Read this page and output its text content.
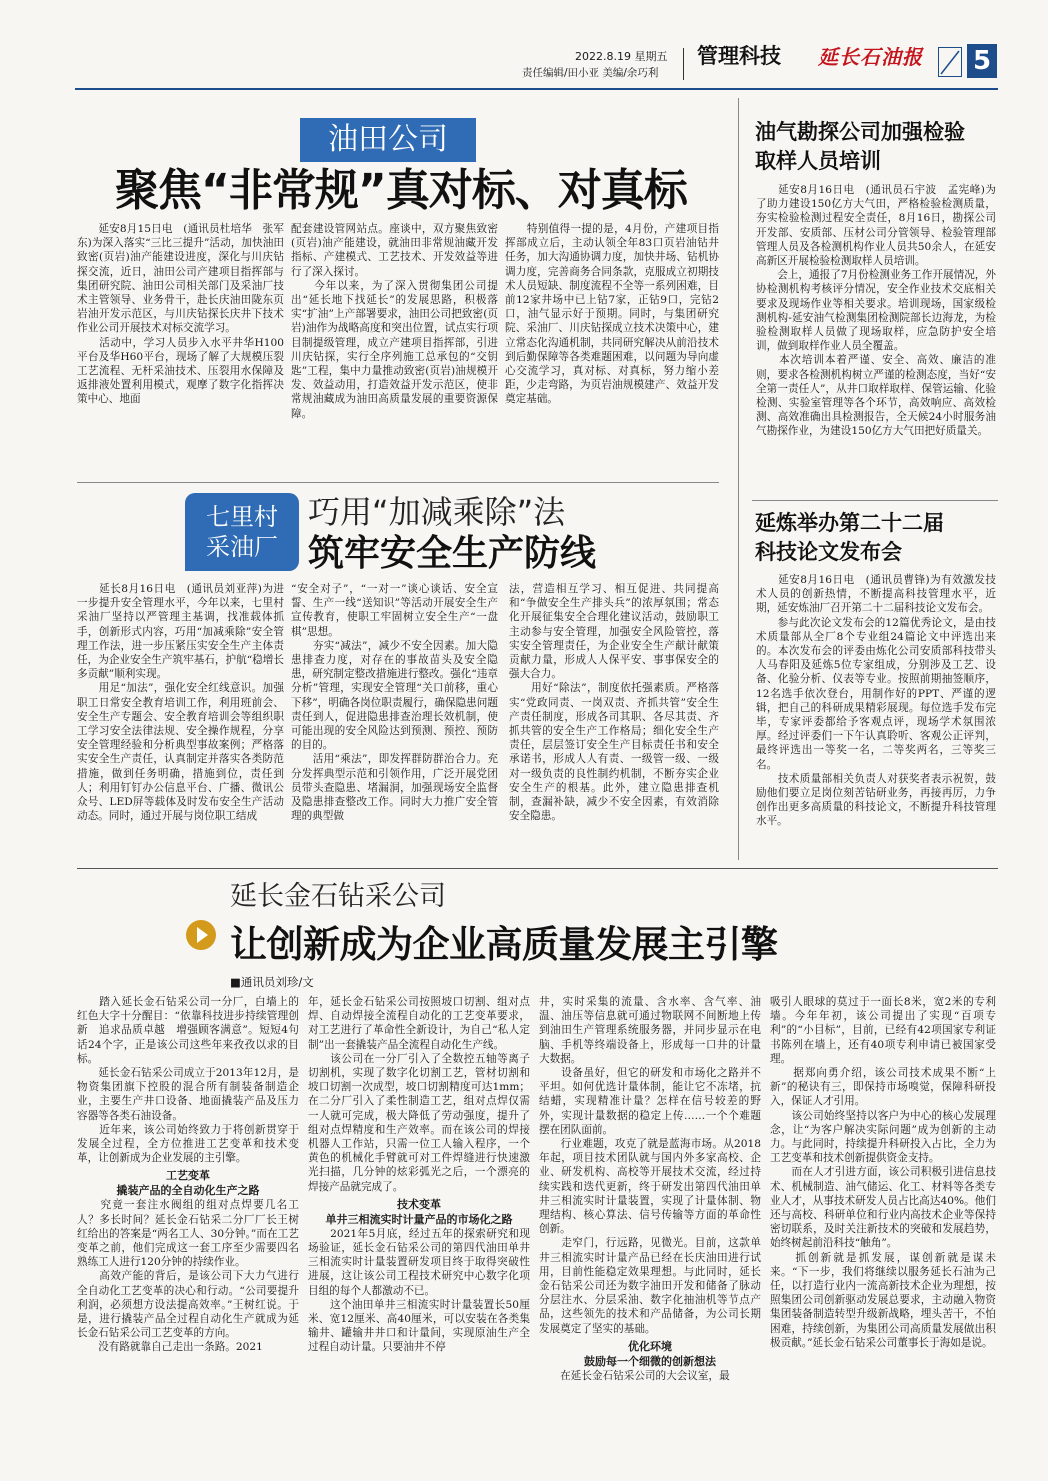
2022.8.19 星期五
责任编辑/田小亚 美编/余巧利
管理科技 延长石油报 5
油田公司
聚焦“非常规”真对标、对真标
　　延安8月15日电　(通讯员杜培华　张军东)为深入落实“三比三提升”活动，加快油田致密(页岩)油产能建设进度，深化与川庆钻探交流，近日，油田公司产建项目指挥部与集团研究院、油田公司相关部门及采油厂技术主管领导、业务骨干，赴长庆油田陇东页岩油开发示范区，与川庆钻探长庆井下技术作业公司开展技术对标交流学习。
　　活动中，学习人员步入水平井华H100平台及华H60平台，现场了解了大规模压裂工艺流程、无杆采油技术、压裂用水保障及返排液处置利用模式，观摩了数字化指挥决策中心、地面
配套建设管网站点。座谈中，双方聚焦致密(页岩)油产能建设，就油田非常规油藏开发指标、产建模式、工艺技术、开发效益等进行了深入探讨。
　　今年以来，为了深入贯彻集团公司提出“延长地下找延长”的发展思路，积极落实“扩油”上产部署要求，油田公司把致密(页岩)油作为战略高度和突出位置，试点实行项目制提级管理，成立产建项目指挥部，引进川庆钻探，实行全序列施工总承包的“交钥匙”工程，集中力量推动致密(页岩)油规模开发、效益动用，打造效益开发示范区，使非常规油藏成为油田高质量发展的重要资源保障。
　　特别值得一提的是，4月份，产建项目指挥部成立后，主动认领全年83口页岩油钻井任务，加大沟通协调力度，加快井场、钻机协调力度，完善商务合同条款，克服成立初期技术人员短缺、制度流程不全等一系列困难，目前12家井场中已上钻7家，正钻9口，完钻2口，油气显示好于预期。同时，与集团研究院、采油厂、川庆钻探成立技术决策中心，建立常态化沟通机制，共同研究解决从前沿技术到后勤保障等各类难题困难，以问题为导向虚心交流学习，真对标、对真标，努力缩小差距，少走弯路，为页岩油规模建产、效益开发奠定基础。
七里村
采油厂
巧用“加减乘除”法
筑牢安全生产防线
　　延长8月16日电　(通讯员刘亚萍)为进一步提升安全管理水平，今年以来，七里村采油厂坚持以严管理主基调，找准载体抓手，创新形式内容，巧用“加减乘除”安全管理工作法，进一步压紧压实安全生产主体责任，为企业安全生产筑牢基石，护航“稳增长多贡献”顺利实现。
　　用足“加法”，强化安全红线意识。加强职工日常安全教育培训工作，利用班前会、安全生产专题会、安全教育培训会等组织职工学习安全法律法规、安全操作规程，分享安全管理经验和分析典型事故案例；严格落实安全生产责任，认真制定并落实各类防范措施，做到任务明确，措施到位，责任到人；利用钉钉办公信息平台、广播、微讯公众号、LED屏等载体及时发布安全生产活动动态。同时，通过开展与岗位职工结成
“安全对子”，“一对一”谈心谈话、安全宣誓、生产一线“送知识”等活动开展安全生产宣传教育，使职工牢固树立安全生产“一盘棋”思想。
　　夯实“减法”，减少不安全因素。加大隐患排查力度，对存在的事故苗头及安全隐患，研究制定整改措施进行整改。强化“违章分析”管理，实现安全管理“关口前移，重心下移”，明确各岗位职责履行，确保隐患问题责任到人，促进隐患排查治理长效机制，使可能出现的安全风险达到预测、预控、预防的目的。
　　活用“乘法”，即发挥群防群治合力。充分发挥典型示范和引领作用，广泛开展党团员带头查隐患、堵漏洞，加强现场安全监督及隐患排查整改工作。同时大力推广安全管理的典型做
法，营造相互学习、相互促进、共同提高和“争做安全生产排头兵”的浓厚氛围；常态化开展征集安全合理化建议活动，鼓励职工主动参与安全管理，加强安全风险管控，落实安全管理责任，为企业安全生产献计献策贡献力量，形成人人保平安、事事保安全的强大合力。
　　用好“除法”，制度依托强素质。严格落实“党政同责、一岗双责、齐抓共管”安全生产责任制度，形成各司其职、各尽其责、齐抓共管的安全生产工作格局；细化安全生产责任，层层签订安全生产目标责任书和安全承诺书，形成人人有责、一级管一级、一级对一级负责的良性制约机制，不断夯实企业安全生产的根基。此外，建立隐患排查机制，查漏补缺，减少不安全因素，有效消除安全隐患。
油气勘探公司加强检验
取样人员培训
　　延安8月16日电　(通讯员石宇波　孟宪峰)为了助力建设150亿方大气田，严格检验检测质量，夯实检验检测过程安全责任，8月16日，勘探公司开发部、安质部、压材公司分管领导、检验管理部管理人员及各检测机构作业人员共50余人，在延安高新区开展检验检测取样人员培训。
　　会上，通报了7月份检测业务工作开展情况，外协检测机构考核评分情况，安全作业技术交底相关要求及现场作业等相关要求。培训现场，国家级检测机构-延安油气检测集团检测院部长边海龙，为检验检测取样人员做了现场取样，应急防护安全培训，做到取样作业人员全覆盖。
　　本次培训本着严谨、安全、高效、廉洁的准则，要求各检测机构树立严谨的检测态度，当好“安全第一责任人”，从井口取样取样、保管运输、化验检测、实验室管理等各个环节，高效响应、高效检测、高效准确出具检测报告，全天候24小时服务油气勘探作业，为建设150亿方大气田把好质量关。
延炼举办第二十二届
科技论文发布会
　　延安8月16日电　(通讯员曹锋)为有效激发技术人员的创新热情，不断提高科技管理水平，近期，延安炼油厂召开第二十二届科技论文发布会。
　　参与此次论文发布会的12篇优秀论文，是由技术质量部从全厂8个专业组24篇论文中评选出来的。本次发布会的评委由炼化公司安质部科技带头人马春阳及延炼5位专家组成，分别涉及工艺、设备、化验分析、仪表等专业。按照前期抽签顺序，12名选手依次登台，用制作好的PPT、严谨的逻辑，把自己的科研成果精彩展现。每位选手发布完毕，专家评委都给予客观点评，现场学术氛围浓厚。经过评委们一下午认真聆听、客观公正评判，最终评选出一等奖一名，二等奖两名，三等奖三名。
　　技术质量部相关负责人对获奖者表示祝贺，鼓励他们要立足岗位刻苦钻研业务，再接再厉，力争创作出更多高质量的科技论文，不断提升科技管理水平。
延长金石钻采公司
让创新成为企业高质量发展主引擎
■通讯员刘珍/文
　　踏入延长金石钻采公司一分厂，白墙上的红色大字十分醒目：“依靠科技进步持续管理创新　追求品质卓越　增强顾客满意”。短短4句话24个字，正是该公司这些年来孜孜以求的目标。
　　延长金石钻采公司成立于2013年12月，是物资集团旗下控股的混合所有制装备制造企业，主要生产井口设备、地面撬装产品及压力容器等各类石油设备。
　　近年来，该公司始终致力于将创新贯穿于发展全过程，全方位推进工艺变革和技术变革，让创新成为企业发展的主引擎。
工艺变革
撬装产品的全自动化生产之路
　　究竟一套注水阀组的组对点焊要几名工人？多长时间？延长金石钻采二分厂厂长王树红给出的答案是“两名工人、30分钟。”而在工艺变革之前，他们完成这一套工序至少需要四名熟练工人进行120分钟的持续作业。
　　高效产能的背后，是该公司下大力气进行全自动化工艺变革的决心和行动。“公司要提升利润，必须想方设法提高效率。”王树红说。于是，进行撬装产品全过程自动化生产就成为延长金石钻采公司工艺变革的方向。
　　没有路就靠自己走出一条路。2021
年，延长金石钻采公司按照坡口切割、组对点焊、自动焊接全流程自动化的工艺变革要求，对工艺进行了革命性全新设计，为自己“私人定制”出一套撬装产品全流程自动化生产线。
　　该公司在一分厂引入了全数控五轴等离子切割机，实现了数字化切割工艺，管材切割和坡口切割一次成型，坡口切割精度可达1mm；在二分厂引入了柔性制造工艺，组对点焊仅需一人就可完成，极大降低了劳动强度，提升了组对点焊精度和生产效率。而在该公司的焊接机器人工作站，只需一位工人输入程序，一个黄色的机械化手臂就可对工件焊缝进行快速激光扫描，几分钟的炫彩弧光之后，一个漂亮的焊接产品就完成了。
技术变革
单井三相流实时计量产品的市场化之路
　　2021年5月底，经过五年的探索研究和现场验证，延长金石钻采公司的第四代油田单井三相流实时计量装置研发项目终于取得突破性进展，这让该公司工程技术研究中心数字化项目组的每个人都激动不已。
　　这个油田单井三相流实时计量装置长50厘米、宽12厘米、高40厘米，可以安装在各类集输井、罐输井井口和计量间，实现原油生产全过程自动计量。只要油井不停
井，实时采集的流量、含水率、含气率、油温、油压等信息就可通过物联网不间断地上传到油田生产管理系统服务器，并同步显示在电脑、手机等终端设备上，形成每一口井的计量大数据。
　　设备虽好，但它的研发和市场化之路并不平坦。如何优选计量体制，能让它不冻堵，抗结蜡，实现精准计量？怎样在信号较差的野外，实现计量数据的稳定上传……一个个难题摆在团队面前。
　　行业难题，攻克了就是蓝海市场。从2018年起，项目技术团队就与国内外多家高校、企业、研发机构、高校等开展技术交流，经过持续实践和迭代更新，终于研发出第四代油田单井三相流实时计量装置，实现了计量体制、物理结构、核心算法、信号传输等方面的革命性创新。
　　走窄门，行远路，见微光。目前，这款单井三相流实时计量产品已经在长庆油田进行试用，目前性能稳定效果理想。与此同时，延长金石钻采公司还为数字油田开发和储备了脉动分层注水、分层采油、数字化抽油机等节点产品，这些领先的技术和产品储备，为公司长期发展奠定了坚实的基础。
优化环境
鼓励每一个细微的创新想法
　　在延长金石钻采公司的大会议室，最
吸引人眼球的莫过于一面长8米，宽2米的专利墙。今年年初，该公司提出了实现“百项专利”的“小目标”，目前，已经有42项国家专利证书陈列在墙上，还有40项专利申请已被国家受理。
　　据郑向勇介绍，该公司技术成果不断“上新”的秘诀有三，即保持市场嗅觉，保障科研投入，保证人才引用。
　　该公司始终坚持以客户为中心的核心发展理念，让“为客户解决实际问题”成为创新的主动力。与此同时，持续提升科研投入占比，全力为工艺变革和技术创新提供资金支持。
　　而在人才引进方面，该公司积极引进信息技术、机械制造、油气储运、化工、材料等各类专业人才，从事技术研发人员占比高达40%。他们还与高校、科研单位和行业内高技术企业等保持密切联系，及时关注新技术的突破和发展趋势，始终树起前沿科技“触角”。
　　抓创新就是抓发展，谋创新就是谋未来。“下一步，我们将继续以服务延长石油为己任，以打造行业内一流高新技术企业为理想，按照集团公司创新驱动发展总要求，主动融入物资集团装备制造转型升级新战略，埋头苦干，不怕困难，持续创新，为集团公司高质量发展做出积极贡献。”延长金石钻采公司董事长于海如是说。
